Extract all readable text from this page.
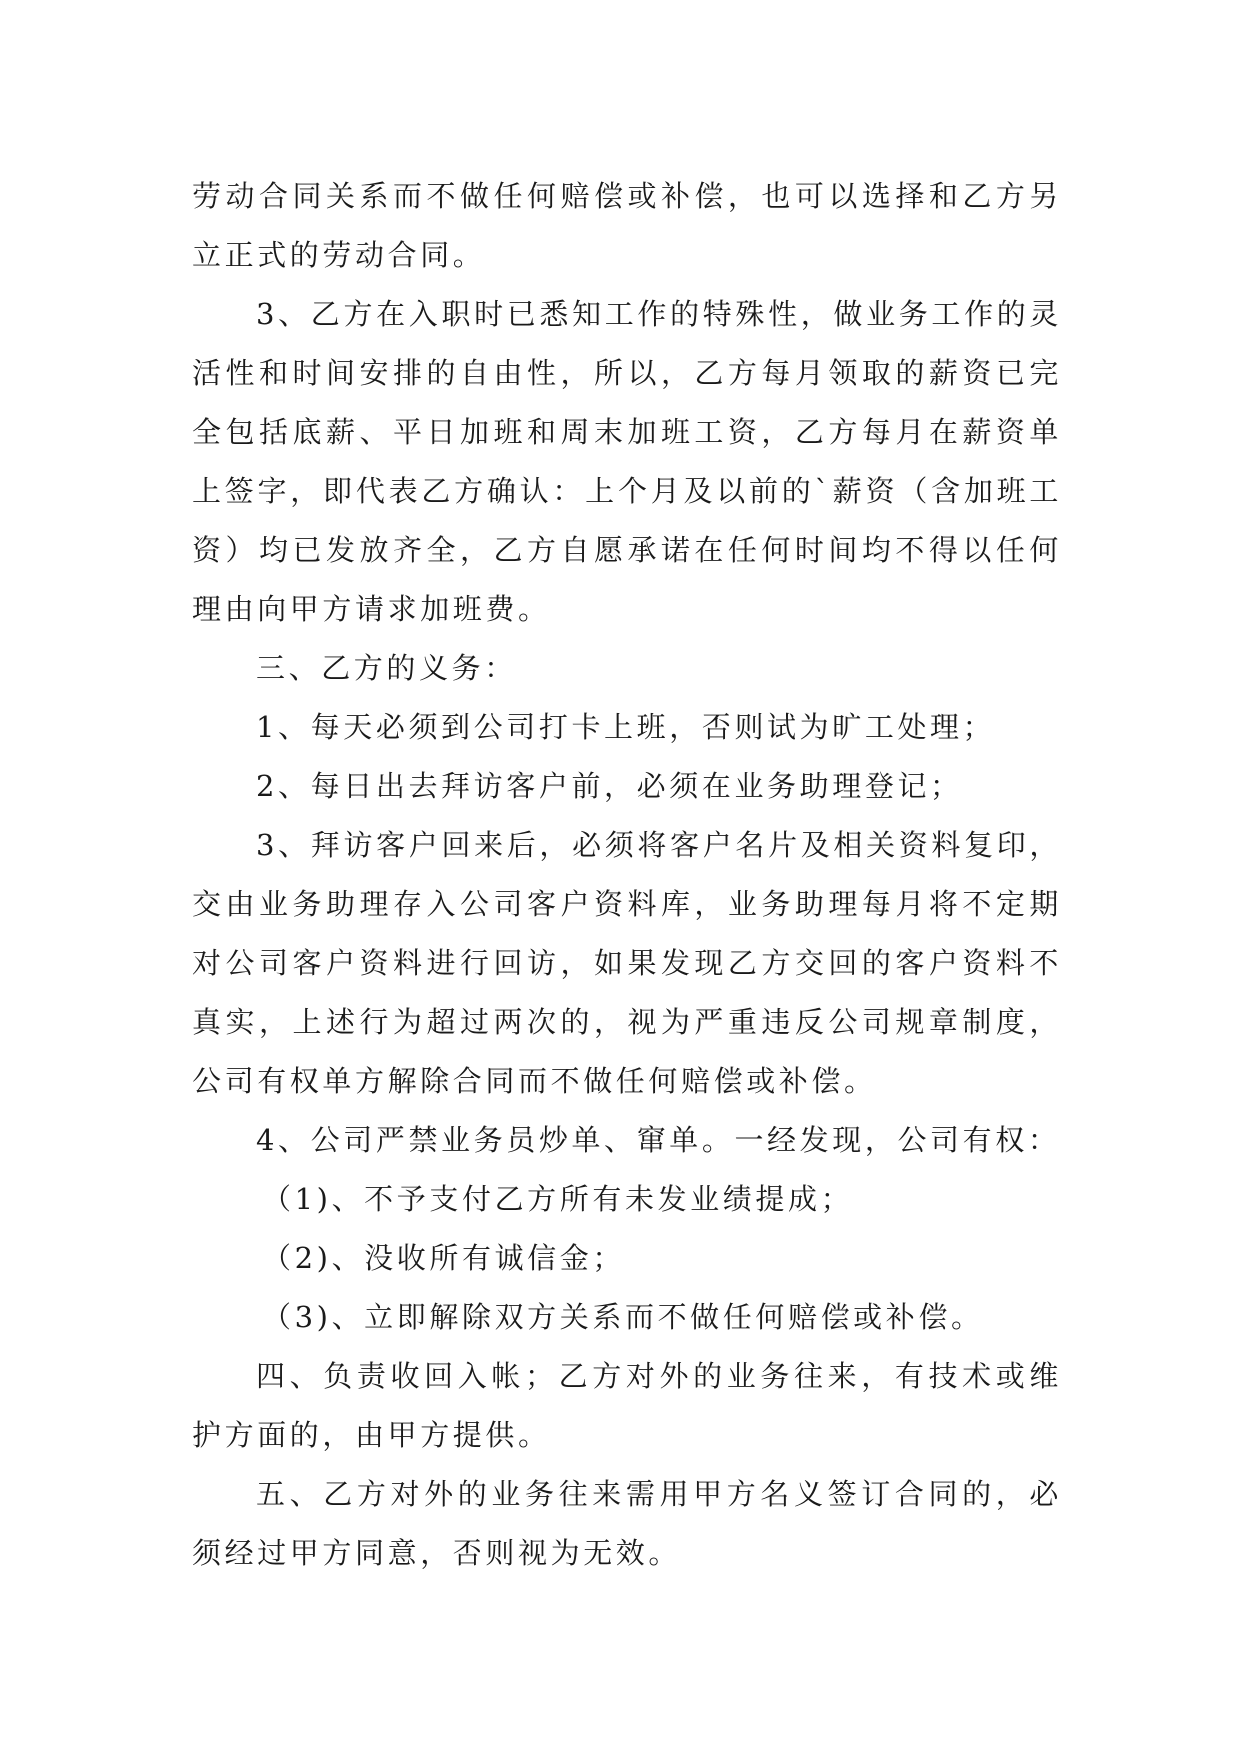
劳动合同关系而不做任何赔偿或补偿，也可以选择和乙方另立正式的劳动合同。

3、乙方在入职时已悉知工作的特殊性，做业务工作的灵活性和时间安排的自由性，所以，乙方每月领取的薪资已完全包括底薪、平日加班和周末加班工资，乙方每月在薪资单上签字，即代表乙方确认：上个月及以前的`薪资（含加班工资）均已发放齐全，乙方自愿承诺在任何时间均不得以任何理由向甲方请求加班费。

三、乙方的义务：

1、每天必须到公司打卡上班，否则试为旷工处理；

2、每日出去拜访客户前，必须在业务助理登记；

3、拜访客户回来后，必须将客户名片及相关资料复印，交由业务助理存入公司客户资料库，业务助理每月将不定期对公司客户资料进行回访，如果发现乙方交回的客户资料不真实，上述行为超过两次的，视为严重违反公司规章制度，公司有权单方解除合同而不做任何赔偿或补偿。

4、公司严禁业务员炒单、窜单。一经发现，公司有权：

（1)、不予支付乙方所有未发业绩提成；

（2)、没收所有诚信金；

（3)、立即解除双方关系而不做任何赔偿或补偿。

四、负责收回入帐；乙方对外的业务往来，有技术或维护方面的，由甲方提供。

五、乙方对外的业务往来需用甲方名义签订合同的，必须经过甲方同意，否则视为无效。
